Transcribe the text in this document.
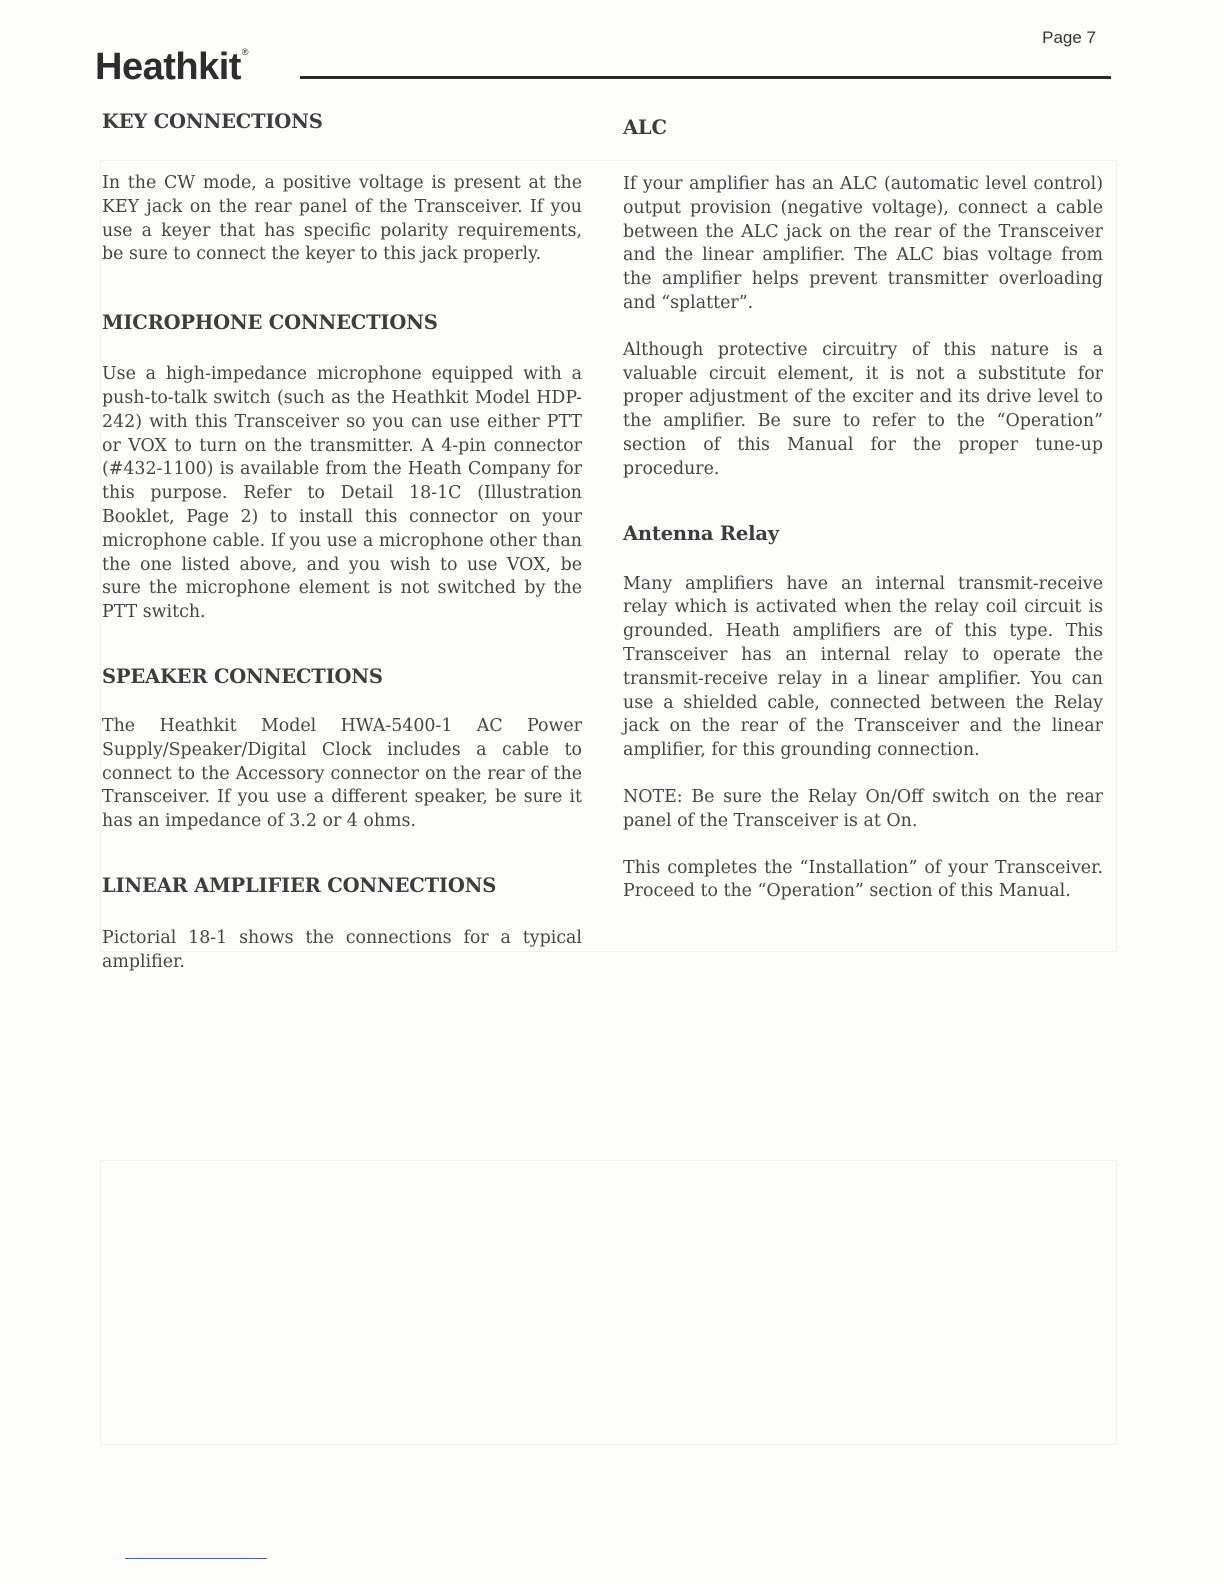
Heathkit®
Page 7
KEY CONNECTIONS

In the CW mode, a positive voltage is present at the KEY jack on the rear panel of the Transceiver. If you use a keyer that has specific polarity requirements, be sure to connect the keyer to this jack properly.

MICROPHONE CONNECTIONS

Use a high-impedance microphone equipped with a push-to-talk switch (such as the Heathkit Model HDP-242) with this Transceiver so you can use either PTT or VOX to turn on the transmitter. A 4-pin connector (#432-1100) is available from the Heath Company for this purpose. Refer to Detail 18-1C (Illustration Booklet, Page 2) to install this connector on your microphone cable. If you use a microphone other than the one listed above, and you wish to use VOX, be sure the microphone element is not switched by the PTT switch.

SPEAKER CONNECTIONS

The Heathkit Model HWA-5400-1 AC Power Supply/Speaker/Digital Clock includes a cable to connect to the Accessory connector on the rear of the Transceiver. If you use a different speaker, be sure it has an impedance of 3.2 or 4 ohms.

LINEAR AMPLIFIER CONNECTIONS

Pictorial 18-1 shows the connections for a typical amplifier.

ALC

If your amplifier has an ALC (automatic level control) output provision (negative voltage), connect a cable between the ALC jack on the rear of the Transceiver and the linear amplifier. The ALC bias voltage from the amplifier helps prevent transmitter overloading and “splatter”.

Although protective circuitry of this nature is a valuable circuit element, it is not a substitute for proper adjustment of the exciter and its drive level to the amplifier. Be sure to refer to the “Operation” section of this Manual for the proper tune-up procedure.

Antenna Relay

Many amplifiers have an internal transmit-receive relay which is activated when the relay coil circuit is grounded. Heath amplifiers are of this type. This Transceiver has an internal relay to operate the transmit-receive relay in a linear amplifier. You can use a shielded cable, connected between the Relay jack on the rear of the Transceiver and the linear amplifier, for this grounding connection.

NOTE: Be sure the Relay On/Off switch on the rear panel of the Transceiver is at On.

This completes the “Installation” of your Transceiver. Proceed to the “Operation” section of this Manual.
